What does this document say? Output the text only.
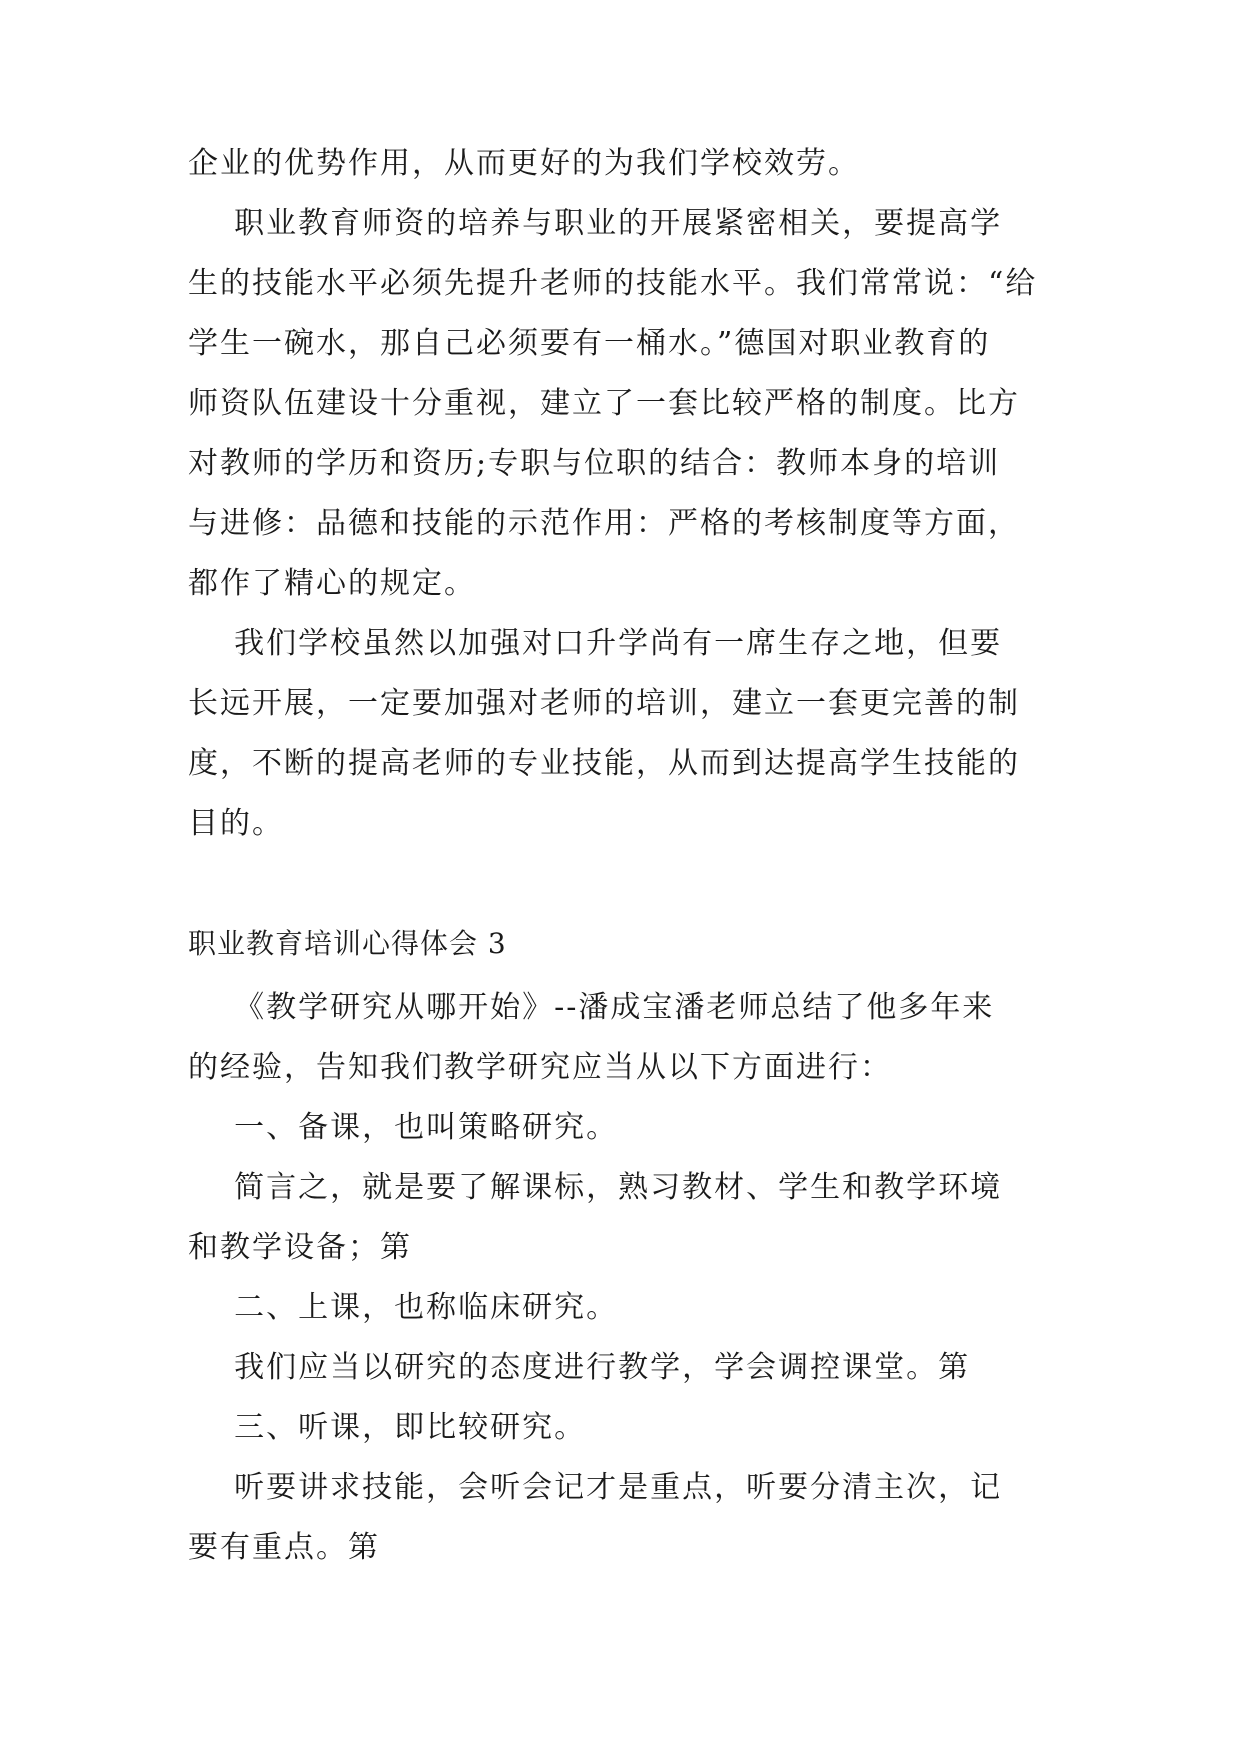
企业的优势作用，从而更好的为我们学校效劳。
职业教育师资的培养与职业的开展紧密相关，要提高学
生的技能水平必须先提升老师的技能水平。我们常常说：“给
学生一碗水，那自己必须要有一桶水。”德国对职业教育的
师资队伍建设十分重视，建立了一套比较严格的制度。比方
对教师的学历和资历;专职与位职的结合：教师本身的培训
与进修：品德和技能的示范作用：严格的考核制度等方面，
都作了精心的规定。
我们学校虽然以加强对口升学尚有一席生存之地，但要
长远开展，一定要加强对老师的培训，建立一套更完善的制
度，不断的提高老师的专业技能，从而到达提高学生技能的
目的。
职业教育培训心得体会 3
《教学研究从哪开始》--潘成宝潘老师总结了他多年来
的经验，告知我们教学研究应当从以下方面进行：
一、备课，也叫策略研究。
简言之，就是要了解课标，熟习教材、学生和教学环境
和教学设备；第
二、上课，也称临床研究。
我们应当以研究的态度进行教学，学会调控课堂。第
三、听课，即比较研究。
听要讲求技能，会听会记才是重点，听要分清主次，记
要有重点。第
